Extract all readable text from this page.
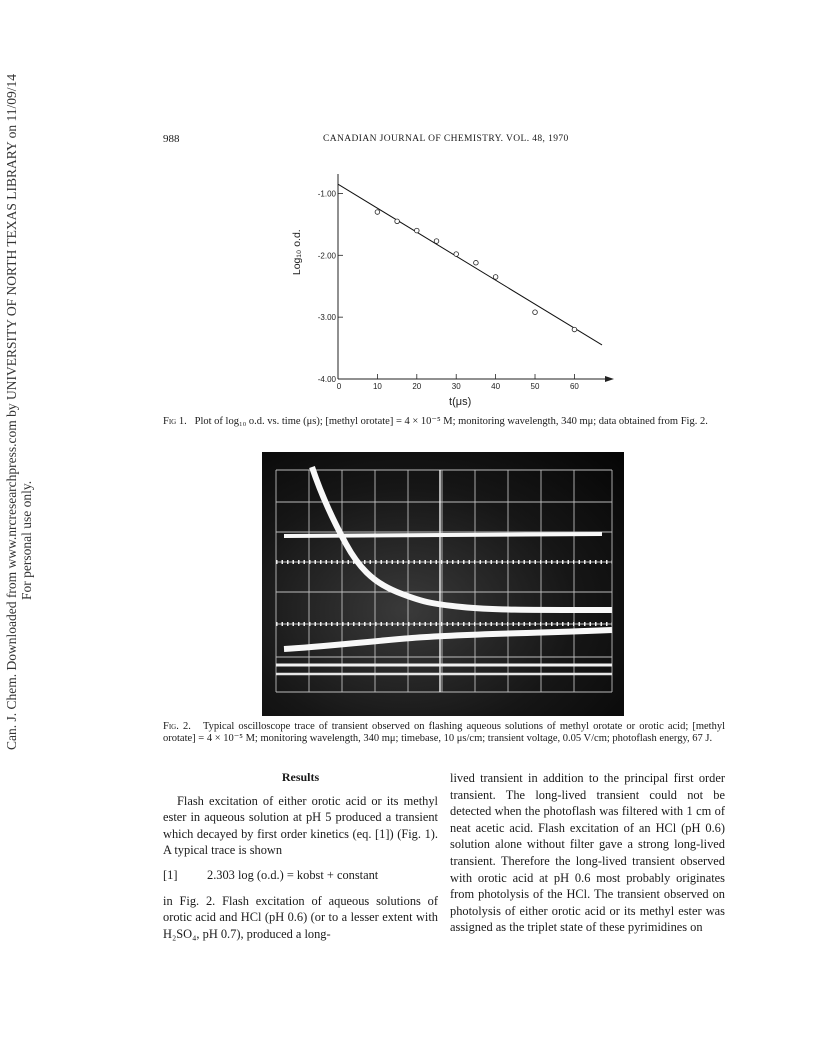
Can. J. Chem. Downloaded from www.nrcresearchpress.com by UNIVERSITY OF NORTH TEXAS LIBRARY on 11/09/14 For personal use only.
988	CANADIAN JOURNAL OF CHEMISTRY. VOL. 48, 1970
0	10	20	30	40	50	60
-1.00
-2.00
-3.00
-4.00
t(μs)
Log₁₀ o.d.
Fig 1. Plot of log₁₀ o.d. vs. time (μs); [methyl orotate] = 4 × 10⁻⁵ M; monitoring wavelength, 340 mμ; data obtained from Fig. 2.
Fig. 2. Typical oscilloscope trace of transient observed on flashing aqueous solutions of methyl orotate or orotic acid; [methyl orotate] = 4 × 10⁻⁵ M; monitoring wavelength, 340 mμ; timebase, 10 μs/cm; transient voltage, 0.05 V/cm; photoflash energy, 67 J.
Results

Flash excitation of either orotic acid or its methyl ester in aqueous solution at pH 5 produced a transient which decayed by first order kinetics (eq. [1]) (Fig. 1). A typical trace is shown

[1]	2.303 log (o.d.) = kobst + constant

in Fig. 2. Flash excitation of aqueous solutions of orotic acid and HCl (pH 0.6) (or to a lesser extent with H₂SO₄, pH 0.7), produced a long-

lived transient in addition to the principal first order transient. The long-lived transient could not be detected when the photoflash was filtered with 1 cm of neat acetic acid. Flash excitation of an HCl (pH 0.6) solution alone without filter gave a strong long-lived transient. Therefore the long-lived transient observed with orotic acid at pH 0.6 most probably originates from photolysis of the HCl. The transient observed on photolysis of either orotic acid or its methyl ester was assigned as the triplet state of these pyrimidines on
